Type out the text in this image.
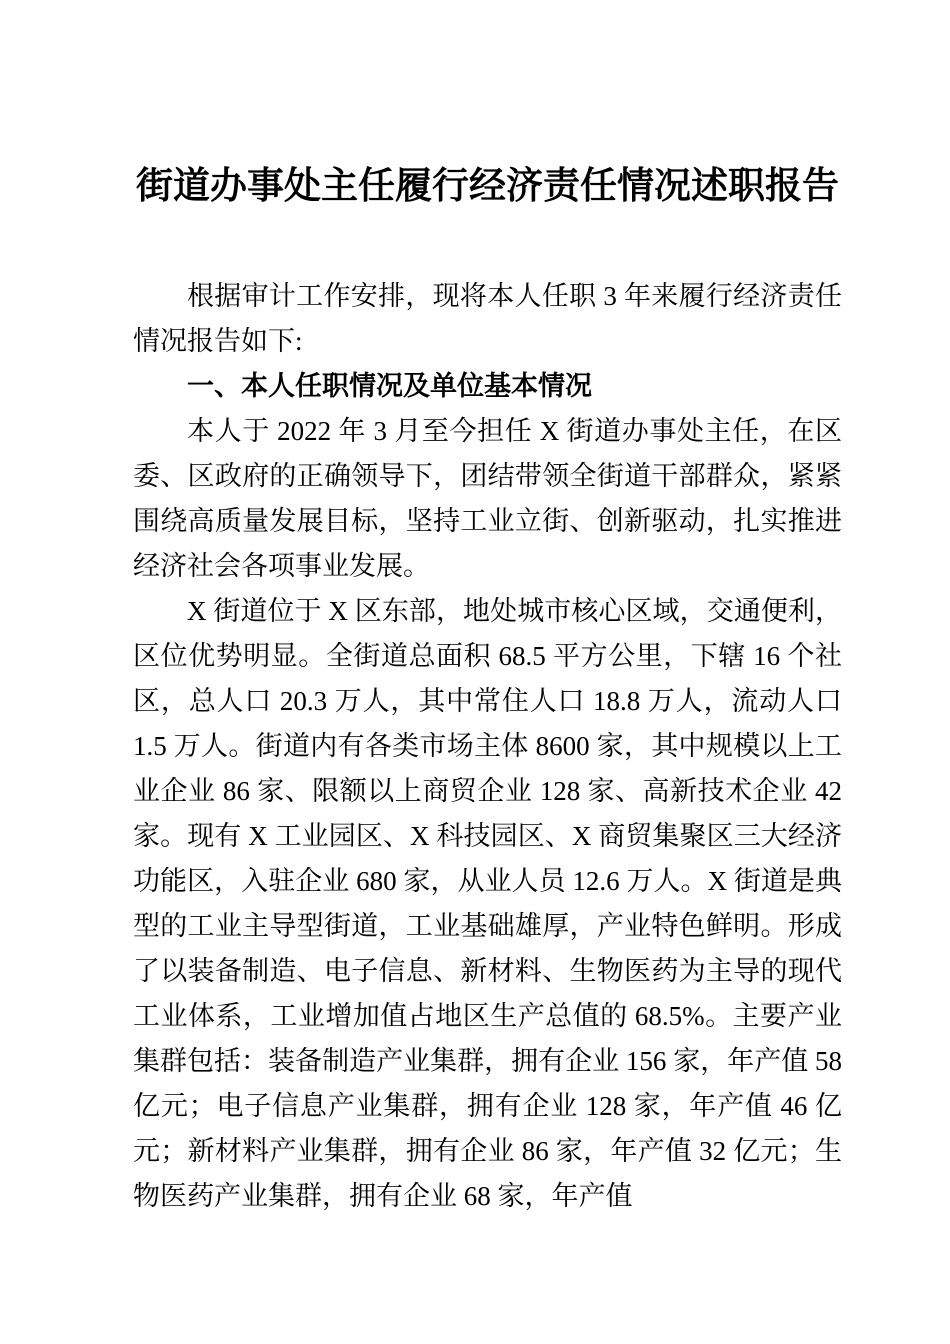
街道办事处主任履行经济责任情况述职报告

根据审计工作安排，现将本人任职 3 年来履行经济责任情况报告如下:

一、本人任职情况及单位基本情况

本人于 2022 年 3 月至今担任 X 街道办事处主任，在区委、区政府的正确领导下，团结带领全街道干部群众，紧紧围绕高质量发展目标，坚持工业立街、创新驱动，扎实推进经济社会各项事业发展。

X 街道位于 X 区东部，地处城市核心区域，交通便利，区位优势明显。全街道总面积 68.5 平方公里，下辖 16 个社区，总人口 20.3 万人，其中常住人口 18.8 万人，流动人口 1.5 万人。街道内有各类市场主体 8600 家，其中规模以上工业企业 86 家、限额以上商贸企业 128 家、高新技术企业 42 家。现有 X 工业园区、X 科技园区、X 商贸集聚区三大经济功能区，入驻企业 680 家，从业人员 12.6 万人。X 街道是典型的工业主导型街道，工业基础雄厚，产业特色鲜明。形成了以装备制造、电子信息、新材料、生物医药为主导的现代工业体系，工业增加值占地区生产总值的 68.5%。主要产业集群包括：装备制造产业集群，拥有企业 156 家，年产值 58 亿元；电子信息产业集群，拥有企业 128 家，年产值 46 亿元；新材料产业集群，拥有企业 86 家，年产值 32 亿元；生物医药产业集群，拥有企业 68 家，年产值
